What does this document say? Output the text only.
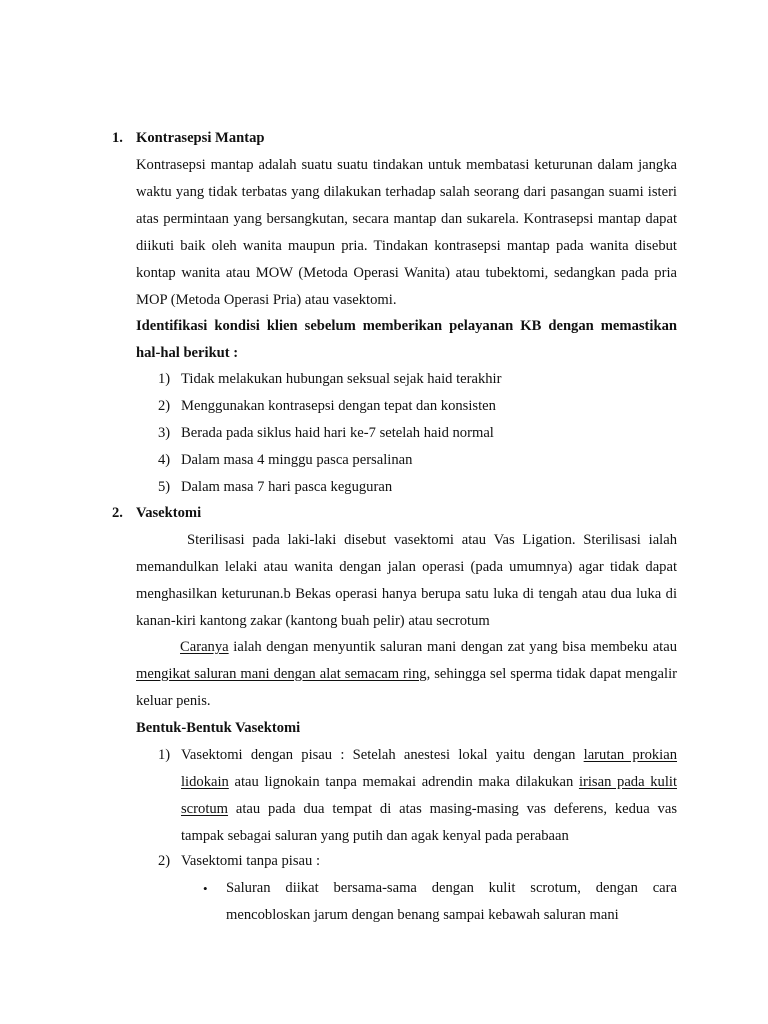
1. Kontrasepsi Mantap
Kontrasepsi mantap adalah suatu suatu tindakan untuk membatasi keturunan dalam jangka waktu yang tidak terbatas yang dilakukan terhadap salah seorang dari pasangan suami isteri atas permintaan yang bersangkutan, secara mantap dan sukarela. Kontrasepsi mantap dapat diikuti baik oleh wanita maupun pria. Tindakan kontrasepsi mantap pada wanita disebut kontap wanita atau MOW (Metoda Operasi Wanita) atau tubektomi, sedangkan pada pria MOP (Metoda Operasi Pria) atau vasektomi.
Identifikasi kondisi klien sebelum memberikan pelayanan KB dengan memastikan hal-hal berikut :
1) Tidak melakukan hubungan seksual sejak haid terakhir
2) Menggunakan kontrasepsi dengan tepat dan konsisten
3) Berada pada siklus haid hari ke-7 setelah haid normal
4) Dalam masa 4 minggu pasca persalinan
5) Dalam masa 7 hari pasca keguguran
2. Vasektomi
Sterilisasi pada laki-laki disebut vasektomi atau Vas Ligation. Sterilisasi ialah memandulkan lelaki atau wanita dengan jalan operasi (pada umumnya) agar tidak dapat menghasilkan keturunan.b Bekas operasi hanya berupa satu luka di tengah atau dua luka di kanan-kiri kantong zakar (kantong buah pelir) atau secrotum
Caranya ialah dengan menyuntik saluran mani dengan zat yang bisa membeku atau mengikat saluran mani dengan alat semacam ring, sehingga sel sperma tidak dapat mengalir keluar penis.
Bentuk-Bentuk Vasektomi
1) Vasektomi dengan pisau : Setelah anestesi lokal yaitu dengan larutan prokian lidokain atau lignokain tanpa memakai adrendin maka dilakukan irisan pada kulit scrotum atau pada dua tempat di atas masing-masing vas deferens, kedua vas tampak sebagai saluran yang putih dan agak kenyal pada perabaan
2) Vasektomi tanpa pisau :
• Saluran diikat bersama-sama dengan kulit scrotum, dengan cara mencobloskan jarum dengan benang sampai kebawah saluran mani
